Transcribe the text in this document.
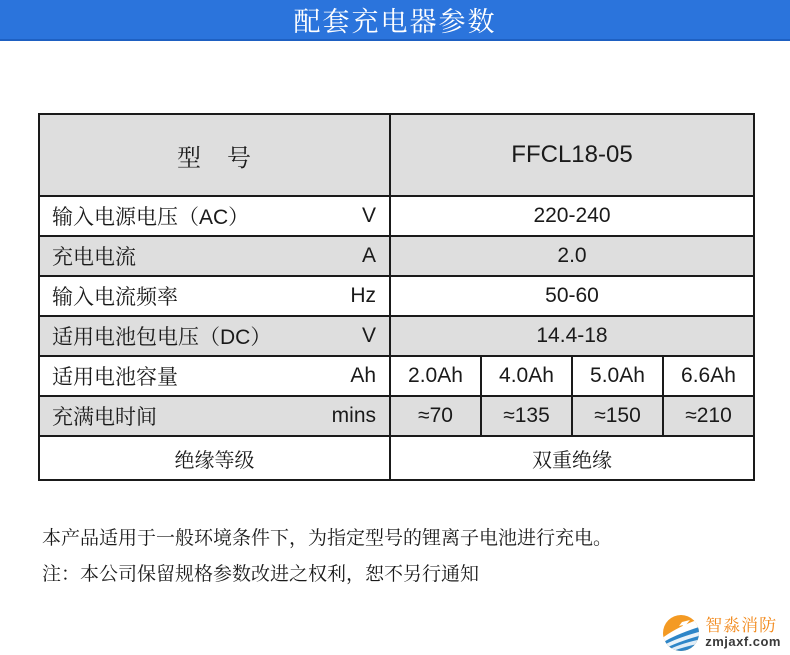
配套充电器参数
型　号	FFCL18-05
输入电源电压（AC）	V	220-240
充电电流	A	2.0
输入电流频率	Hz	50-60
适用电池包电压（DC）	V	14.4-18
适用电池容量	Ah	2.0Ah	4.0Ah	5.0Ah	6.6Ah
充满电时间	mins	≈70	≈135	≈150	≈210
绝缘等级	双重绝缘
本产品适用于一般环境条件下，为指定型号的锂离子电池进行充电。
注：本公司保留规格参数改进之权利，恕不另行通知
智淼消防
zmjaxf.com
